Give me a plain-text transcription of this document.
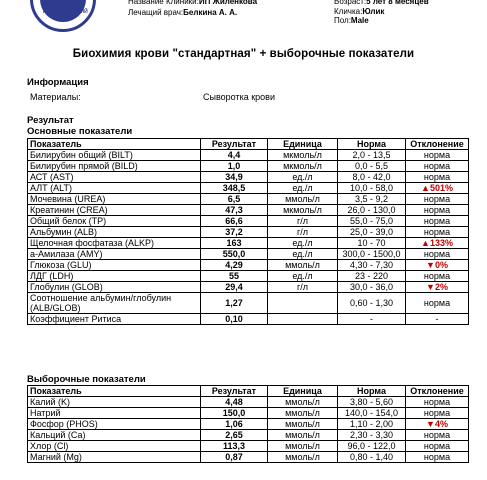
Н.Б.ВИТРОВСКИЙ
Название Клиники:ИП Жиленкова
Лечащий врач:Белкина А. А.
Возраст:5 лет 8 месяцев
Кличка:Юлик
Пол:Male
Биохимия крови "стандартная" + выборочные показатели
Информация
Материалы:	Сыворотка крови
Результат
Основные показатели
Показатель	Результат	Единица	Норма	Отклонение
Билирубин общий (BILT)	4,4	мкмоль/л	2,0 - 13,5	норма
Билирубин прямой (BILD)	1,0	мкмоль/л	0,0 - 5,5	норма
АСТ (AST)	34,9	ед./л	8,0 - 42,0	норма
АЛТ (ALT)	348,5	ед./л	10,0 - 58,0	▲501%
Мочевина (UREA)	6,5	ммоль/л	3,5 - 9,2	норма
Креатинин (CREA)	47,3	мкмоль/л	26,0 - 130,0	норма
Общий белок (TP)	66,6	г/л	55,0 - 75,0	норма
Альбумин (ALB)	37,2	г/л	25,0 - 39,0	норма
Щелочная фосфатаза (ALKP)	163	ед./л	10 - 70	▲133%
а-Амилаза (AMY)	550,0	ед./л	300,0 - 1500,0	норма
Глюкоза (GLU)	4,29	ммоль/л	4,30 - 7,30	▼0%
ЛДГ (LDH)	55	ед./л	23 - 220	норма
Глобулин (GLOB)	29,4	г/л	30,0 - 36,0	▼2%
Соотношение альбумин/глобулин (ALB/GLOB)	1,27		0,60 - 1,30	норма
Коэффициент Ритиса	0,10		-	-
Выборочные показатели
Показатель	Результат	Единица	Норма	Отклонение
Калий (K)	4,48	ммоль/л	3,80 - 5,60	норма
Натрий	150,0	ммоль/л	140,0 - 154,0	норма
Фосфор (PHOS)	1,06	ммоль/л	1,10 - 2,00	▼4%
Кальций (Са)	2,65	ммоль/л	2,30 - 3,30	норма
Хлор (Cl)	113,3	ммоль/л	96,0 - 122,0	норма
Магний (Mg)	0,87	ммоль/л	0,80 - 1,40	норма
